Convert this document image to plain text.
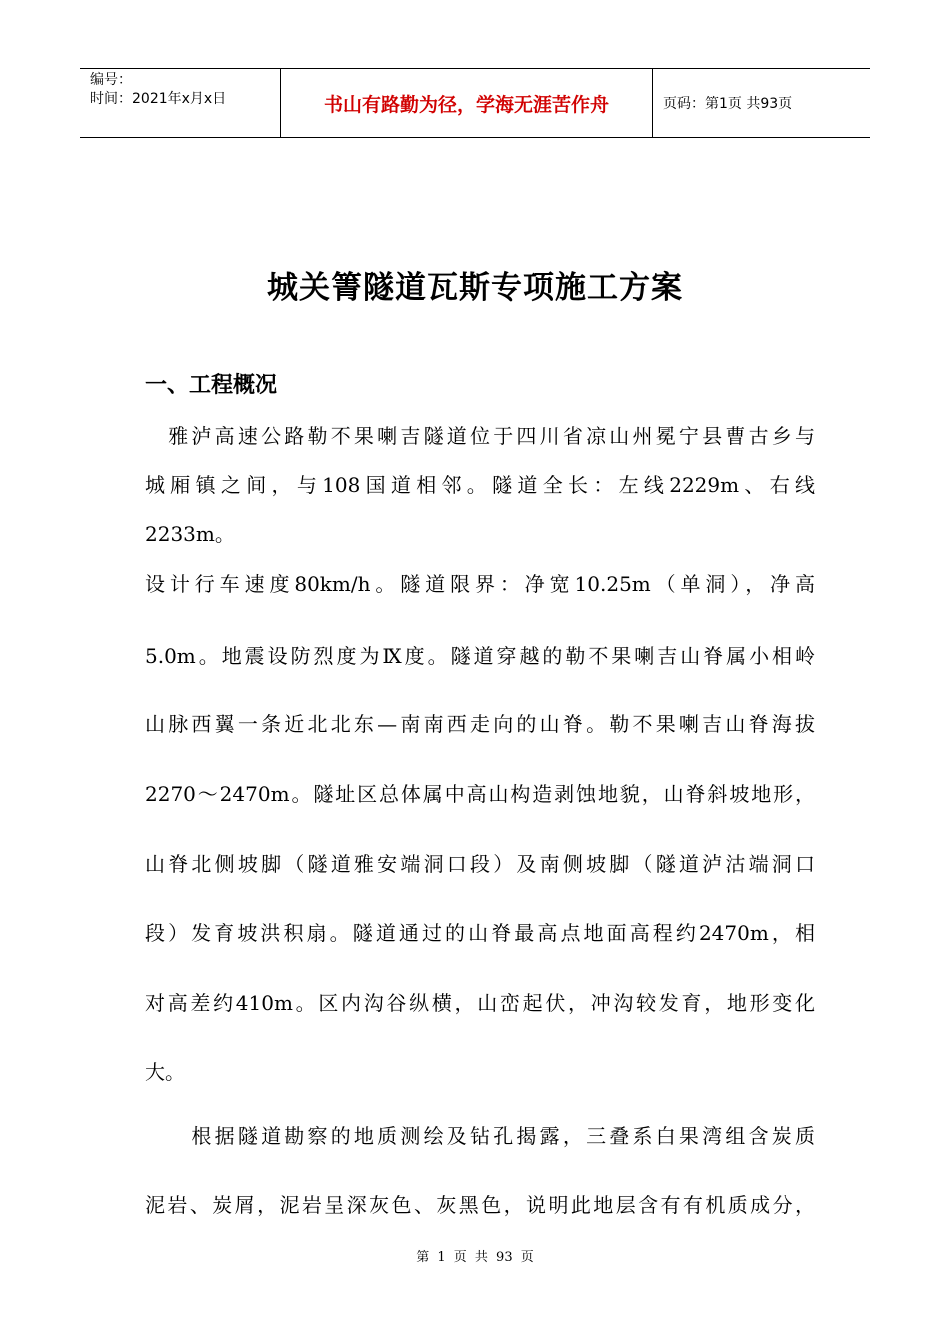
编号：
时间：2021年x月x日	书山有路勤为径，学海无涯苦作舟	页码：第1页 共93页
城关箐隧道瓦斯专项施工方案
一、工程概况
　雅泸高速公路勒不果喇吉隧道位于四川省凉山州冕宁县曹古乡与
城厢镇之间，与108国道相邻。隧道全长：左线2229m、右线
2233m。
设计行车速度80km/h。隧道限界：净宽10.25m（单洞），净高
5.0m。地震设防烈度为Ⅸ度。隧道穿越的勒不果喇吉山脊属小相岭
山脉西翼一条近北北东—南南西走向的山脊。勒不果喇吉山脊海拔
2270～2470m。隧址区总体属中高山构造剥蚀地貌，山脊斜坡地形，
山脊北侧坡脚（隧道雅安端洞口段）及南侧坡脚（隧道泸沽端洞口
段）发育坡洪积扇。隧道通过的山脊最高点地面高程约2470m，相
对高差约410m。区内沟谷纵横，山峦起伏，冲沟较发育，地形变化
大。
　　根据隧道勘察的地质测绘及钻孔揭露，三叠系白果湾组含炭质
泥岩、炭屑，泥岩呈深灰色、灰黑色，说明此地层含有有机质成分，
第 1 页 共 93 页
